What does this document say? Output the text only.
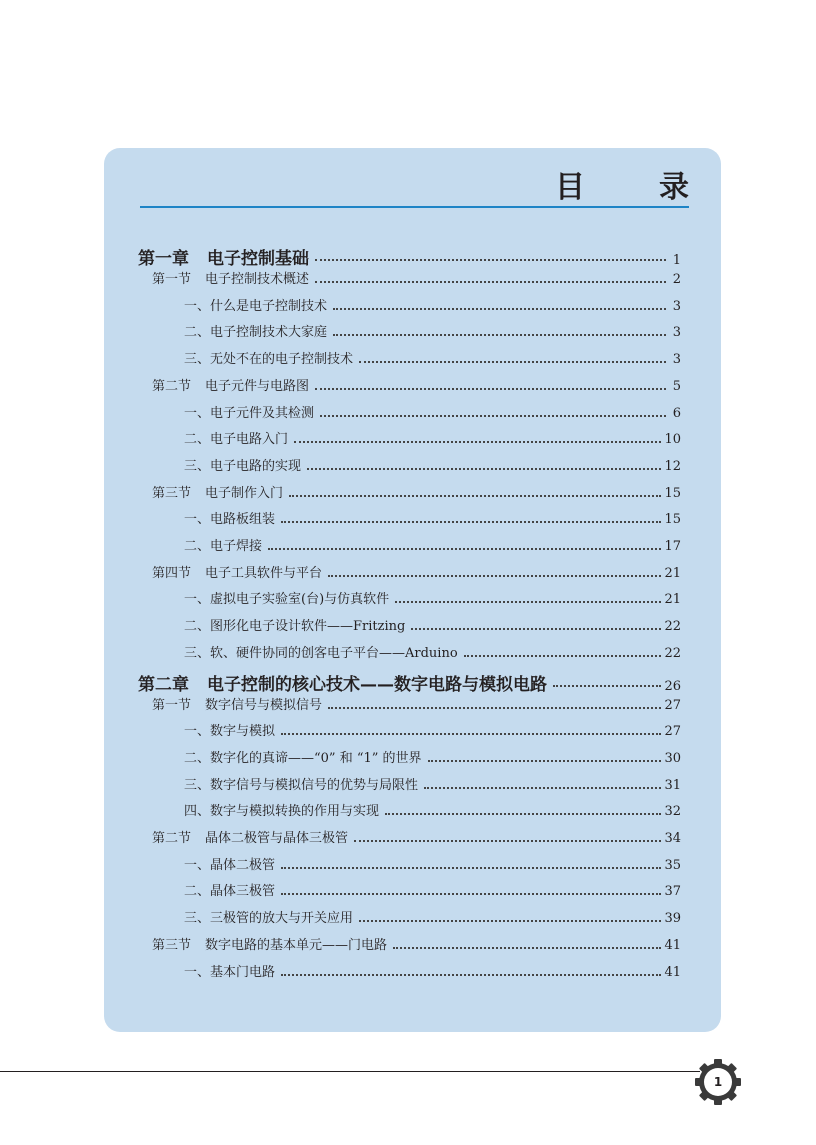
目　录
第一章 电子控制基础	1
第一节 电子控制技术概述	2
一、什么是电子控制技术	3
二、电子控制技术大家庭	3
三、无处不在的电子控制技术	3
第二节 电子元件与电路图	5
一、电子元件及其检测	6
二、电子电路入门	10
三、电子电路的实现	12
第三节 电子制作入门	15
一、电路板组装	15
二、电子焊接	17
第四节 电子工具软件与平台	21
一、虚拟电子实验室(台)与仿真软件	21
二、图形化电子设计软件——Fritzing	22
三、软、硬件协同的创客电子平台——Arduino	22
第二章 电子控制的核心技术——数字电路与模拟电路	26
第一节 数字信号与模拟信号	27
一、数字与模拟	27
二、数字化的真谛——“0” 和 “1” 的世界	30
三、数字信号与模拟信号的优势与局限性	31
四、数字与模拟转换的作用与实现	32
第二节 晶体二极管与晶体三极管	34
一、晶体二极管	35
二、晶体三极管	37
三、三极管的放大与开关应用	39
第三节 数字电路的基本单元——门电路	41
一、基本门电路	41
1
